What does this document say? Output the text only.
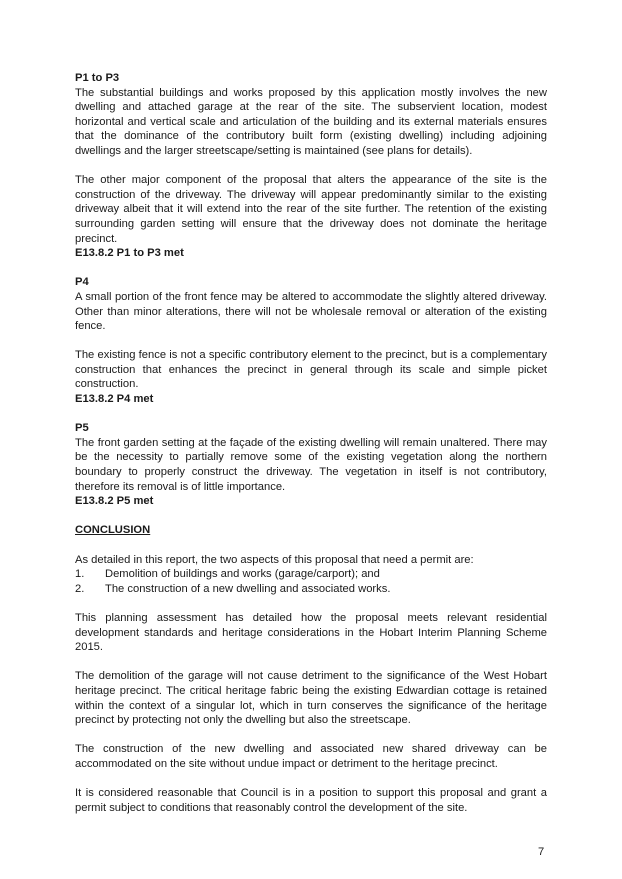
P1 to P3

The substantial buildings and works proposed by this application mostly involves the new dwelling and attached garage at the rear of the site. The subservient location, modest horizontal and vertical scale and articulation of the building and its external materials ensures that the dominance of the contributory built form (existing dwelling) including adjoining dwellings and the larger streetscape/setting is maintained (see plans for details).

The other major component of the proposal that alters the appearance of the site is the construction of the driveway. The driveway will appear predominantly similar to the existing driveway albeit that it will extend into the rear of the site further. The retention of the existing surrounding garden setting will ensure that the driveway does not dominate the heritage precinct.

E13.8.2 P1 to P3 met

P4

A small portion of the front fence may be altered to accommodate the slightly altered driveway. Other than minor alterations, there will not be wholesale removal or alteration of the existing fence.

The existing fence is not a specific contributory element to the precinct, but is a complementary construction that enhances the precinct in general through its scale and simple picket construction.

E13.8.2 P4 met

P5

The front garden setting at the façade of the existing dwelling will remain unaltered. There may be the necessity to partially remove some of the existing vegetation along the northern boundary to properly construct the driveway. The vegetation in itself is not contributory, therefore its removal is of little importance.

E13.8.2 P5 met

CONCLUSION

As detailed in this report, the two aspects of this proposal that need a permit are:

1.	Demolition of buildings and works (garage/carport); and
2.	The construction of a new dwelling and associated works.

This planning assessment has detailed how the proposal meets relevant residential development standards and heritage considerations in the Hobart Interim Planning Scheme 2015.

The demolition of the garage will not cause detriment to the significance of the West Hobart heritage precinct. The critical heritage fabric being the existing Edwardian cottage is retained within the context of a singular lot, which in turn conserves the significance of the heritage precinct by protecting not only the dwelling but also the streetscape.

The construction of the new dwelling and associated new shared driveway can be accommodated on the site without undue impact or detriment to the heritage precinct.

It is considered reasonable that Council is in a position to support this proposal and grant a permit subject to conditions that reasonably control the development of the site.

7
